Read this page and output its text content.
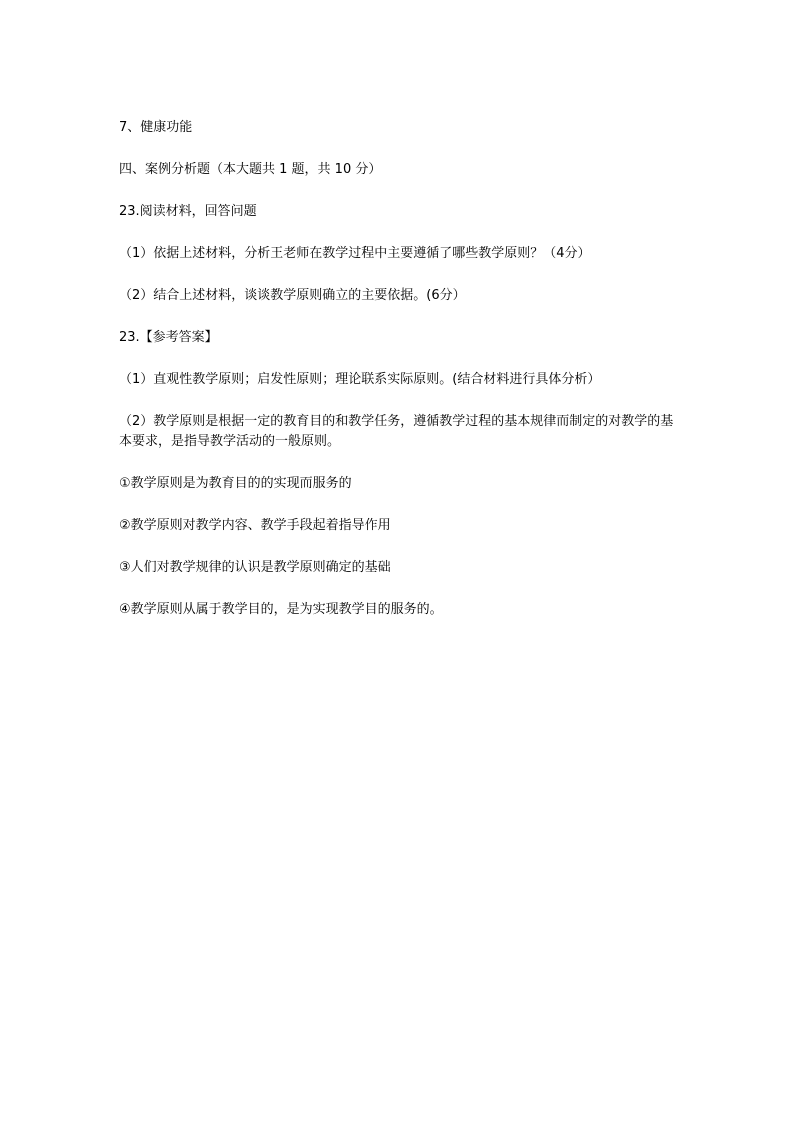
7、健康功能

四、案例分析题（本大题共 1 题，共 10 分）

23.阅读材料，回答问题

（1）依据上述材料，分析王老师在教学过程中主要遵循了哪些教学原则？（4分）

（2）结合上述材料，谈谈教学原则确立的主要依据。(6分）

23.【参考答案】

（1）直观性教学原则；启发性原则；理论联系实际原则。(结合材料进行具体分析）

（2）教学原则是根据一定的教育目的和教学任务，遵循教学过程的基本规律而制定的对教学的基本要求，是指导教学活动的一般原则。

①教学原则是为教育目的的实现而服务的

②教学原则对教学内容、教学手段起着指导作用

③人们对教学规律的认识是教学原则确定的基础

④教学原则从属于教学目的，是为实现教学目的服务的。
